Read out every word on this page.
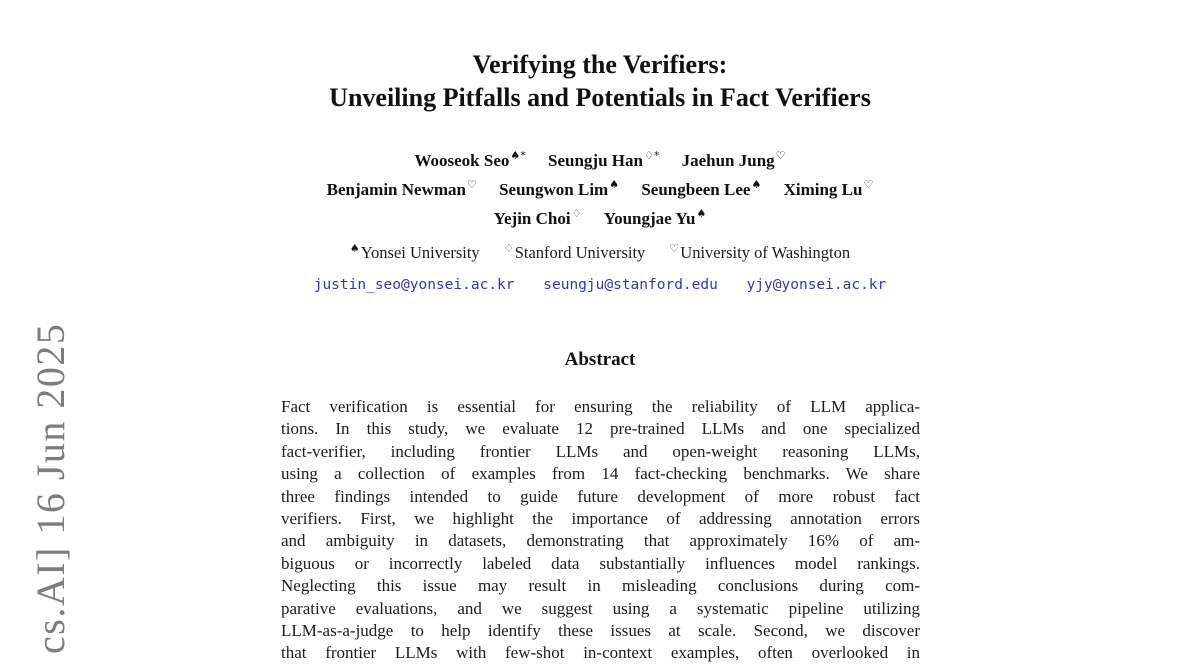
cs.AI] 16 Jun 2025
Verifying the Verifiers:
Unveiling Pitfalls and Potentials in Fact Verifiers
Wooseok Seo♠* Seungju Han♢* Jaehun Jung♡
Benjamin Newman♡ Seungwon Lim♠ Seungbeen Lee♠ Ximing Lu♡
Yejin Choi♢ Youngjae Yu♠
♠Yonsei University ♢Stanford University ♡University of Washington
justin_seo@yonsei.ac.kr seungju@stanford.edu yjy@yonsei.ac.kr
Abstract
Fact verification is essential for ensuring the reliability of LLM applica-
tions. In this study, we evaluate 12 pre-trained LLMs and one specialized
fact-verifier, including frontier LLMs and open-weight reasoning LLMs,
using a collection of examples from 14 fact-checking benchmarks. We share
three findings intended to guide future development of more robust fact
verifiers. First, we highlight the importance of addressing annotation errors
and ambiguity in datasets, demonstrating that approximately 16% of am-
biguous or incorrectly labeled data substantially influences model rankings.
Neglecting this issue may result in misleading conclusions during com-
parative evaluations, and we suggest using a systematic pipeline utilizing
LLM-as-a-judge to help identify these issues at scale. Second, we discover
that frontier LLMs with few-shot in-context examples, often overlooked in
